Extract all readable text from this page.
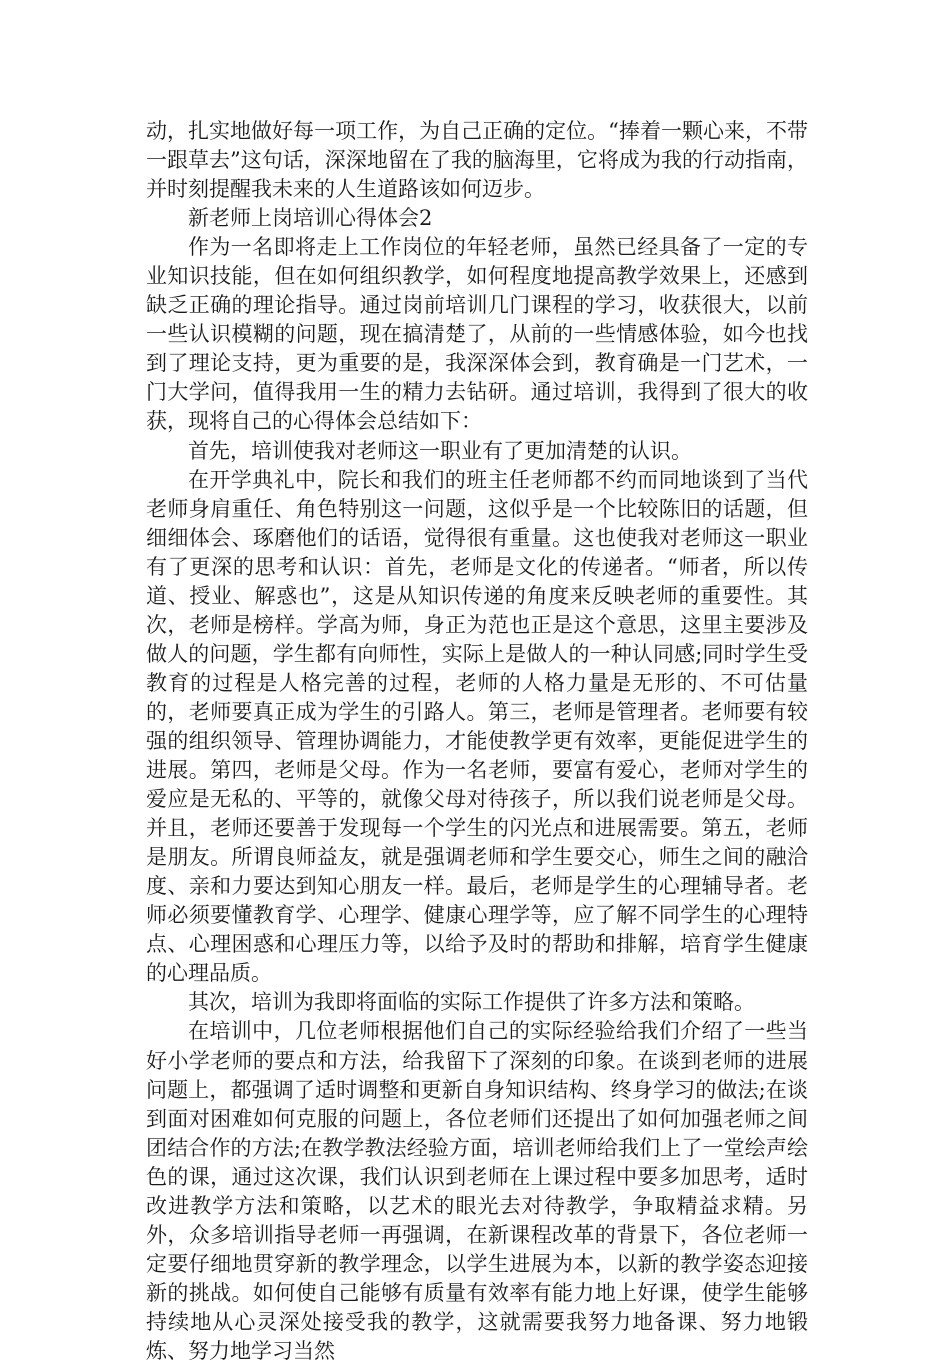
动，扎实地做好每一项工作，为自己正确的定位。“捧着一颗心来，不带一跟草去”这句话，深深地留在了我的脑海里，它将成为我的行动指南，并时刻提醒我未来的人生道路该如何迈步。

新老师上岗培训心得体会2

作为一名即将走上工作岗位的年轻老师，虽然已经具备了一定的专业知识技能，但在如何组织教学，如何程度地提高教学效果上，还感到缺乏正确的理论指导。通过岗前培训几门课程的学习，收获很大，以前一些认识模糊的问题，现在搞清楚了，从前的一些情感体验，如今也找到了理论支持，更为重要的是，我深深体会到，教育确是一门艺术，一门大学问，值得我用一生的精力去钻研。通过培训，我得到了很大的收获，现将自己的心得体会总结如下：

首先，培训使我对老师这一职业有了更加清楚的认识。

在开学典礼中，院长和我们的班主任老师都不约而同地谈到了当代老师身肩重任、角色特别这一问题，这似乎是一个比较陈旧的话题，但细细体会、琢磨他们的话语，觉得很有重量。这也使我对老师这一职业有了更深的思考和认识：首先，老师是文化的传递者。“师者，所以传道、授业、解惑也”，这是从知识传递的角度来反映老师的重要性。其次，老师是榜样。学高为师，身正为范也正是这个意思，这里主要涉及做人的问题，学生都有向师性，实际上是做人的一种认同感;同时学生受教育的过程是人格完善的过程，老师的人格力量是无形的、不可估量的，老师要真正成为学生的引路人。第三，老师是管理者。老师要有较强的组织领导、管理协调能力，才能使教学更有效率，更能促进学生的进展。第四，老师是父母。作为一名老师，要富有爱心，老师对学生的爱应是无私的、平等的，就像父母对待孩子，所以我们说老师是父母。并且，老师还要善于发现每一个学生的闪光点和进展需要。第五，老师是朋友。所谓良师益友，就是强调老师和学生要交心，师生之间的融洽度、亲和力要达到知心朋友一样。最后，老师是学生的心理辅导者。老师必须要懂教育学、心理学、健康心理学等，应了解不同学生的心理特点、心理困惑和心理压力等，以给予及时的帮助和排解，培育学生健康的心理品质。

其次，培训为我即将面临的实际工作提供了许多方法和策略。

在培训中，几位老师根据他们自己的实际经验给我们介绍了一些当好小学老师的要点和方法，给我留下了深刻的印象。在谈到老师的进展问题上，都强调了适时调整和更新自身知识结构、终身学习的做法;在谈到面对困难如何克服的问题上，各位老师们还提出了如何加强老师之间团结合作的方法;在教学教法经验方面，培训老师给我们上了一堂绘声绘色的课，通过这次课，我们认识到老师在上课过程中要多加思考，适时改进教学方法和策略，以艺术的眼光去对待教学，争取精益求精。另外，众多培训指导老师一再强调，在新课程改革的背景下，各位老师一定要仔细地贯穿新的教学理念，以学生进展为本，以新的教学姿态迎接新的挑战。如何使自己能够有质量有效率有能力地上好课，使学生能够持续地从心灵深处接受我的教学，这就需要我努力地备课、努力地锻炼、努力地学习当然
